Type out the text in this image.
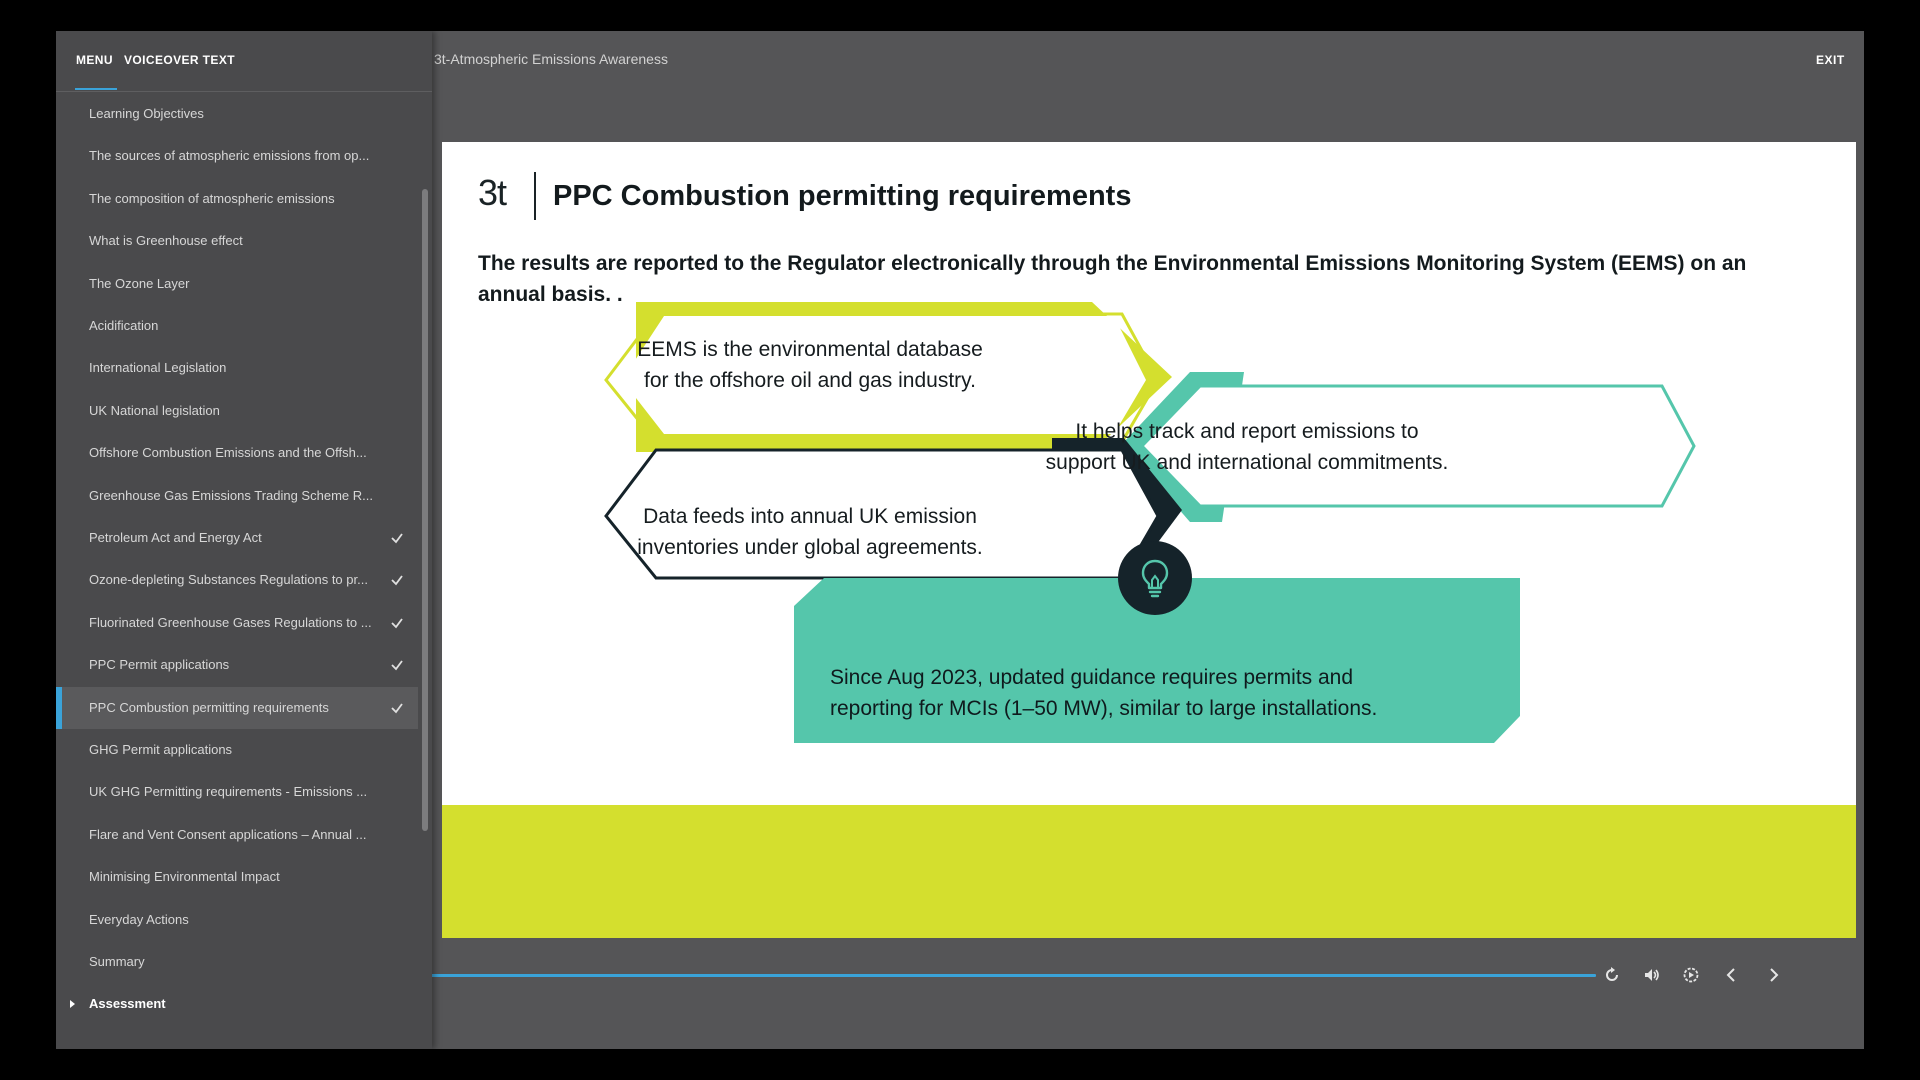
MENU VOICEOVER TEXT
Learning Objectives
The sources of atmospheric emissions from op...
The composition of atmospheric emissions
What is Greenhouse effect
The Ozone Layer
Acidification
International Legislation
UK National legislation
Offshore Combustion Emissions and the Offsh...
Greenhouse Gas Emissions Trading Scheme R...
Petroleum Act and Energy Act
Ozone-depleting Substances Regulations to pr...
Fluorinated Greenhouse Gases Regulations to ...
PPC Permit applications
PPC Combustion permitting requirements
GHG Permit applications
UK GHG Permitting requirements - Emissions ...
Flare and Vent Consent applications – Annual ...
Minimising Environmental Impact
Everyday Actions
Summary
Assessment
3t-Atmospheric Emissions Awareness	EXIT
3t PPC Combustion permitting requirements
The results are reported to the Regulator electronically through the Environmental Emissions Monitoring System (EEMS) on an annual basis. .
EEMS is the environmental database
for the offshore oil and gas industry.
It helps track and report emissions to
support UK and international commitments.
Data feeds into annual UK emission
inventories under global agreements.
Since Aug 2023, updated guidance requires permits and
reporting for MCIs (1–50 MW), similar to large installations.
